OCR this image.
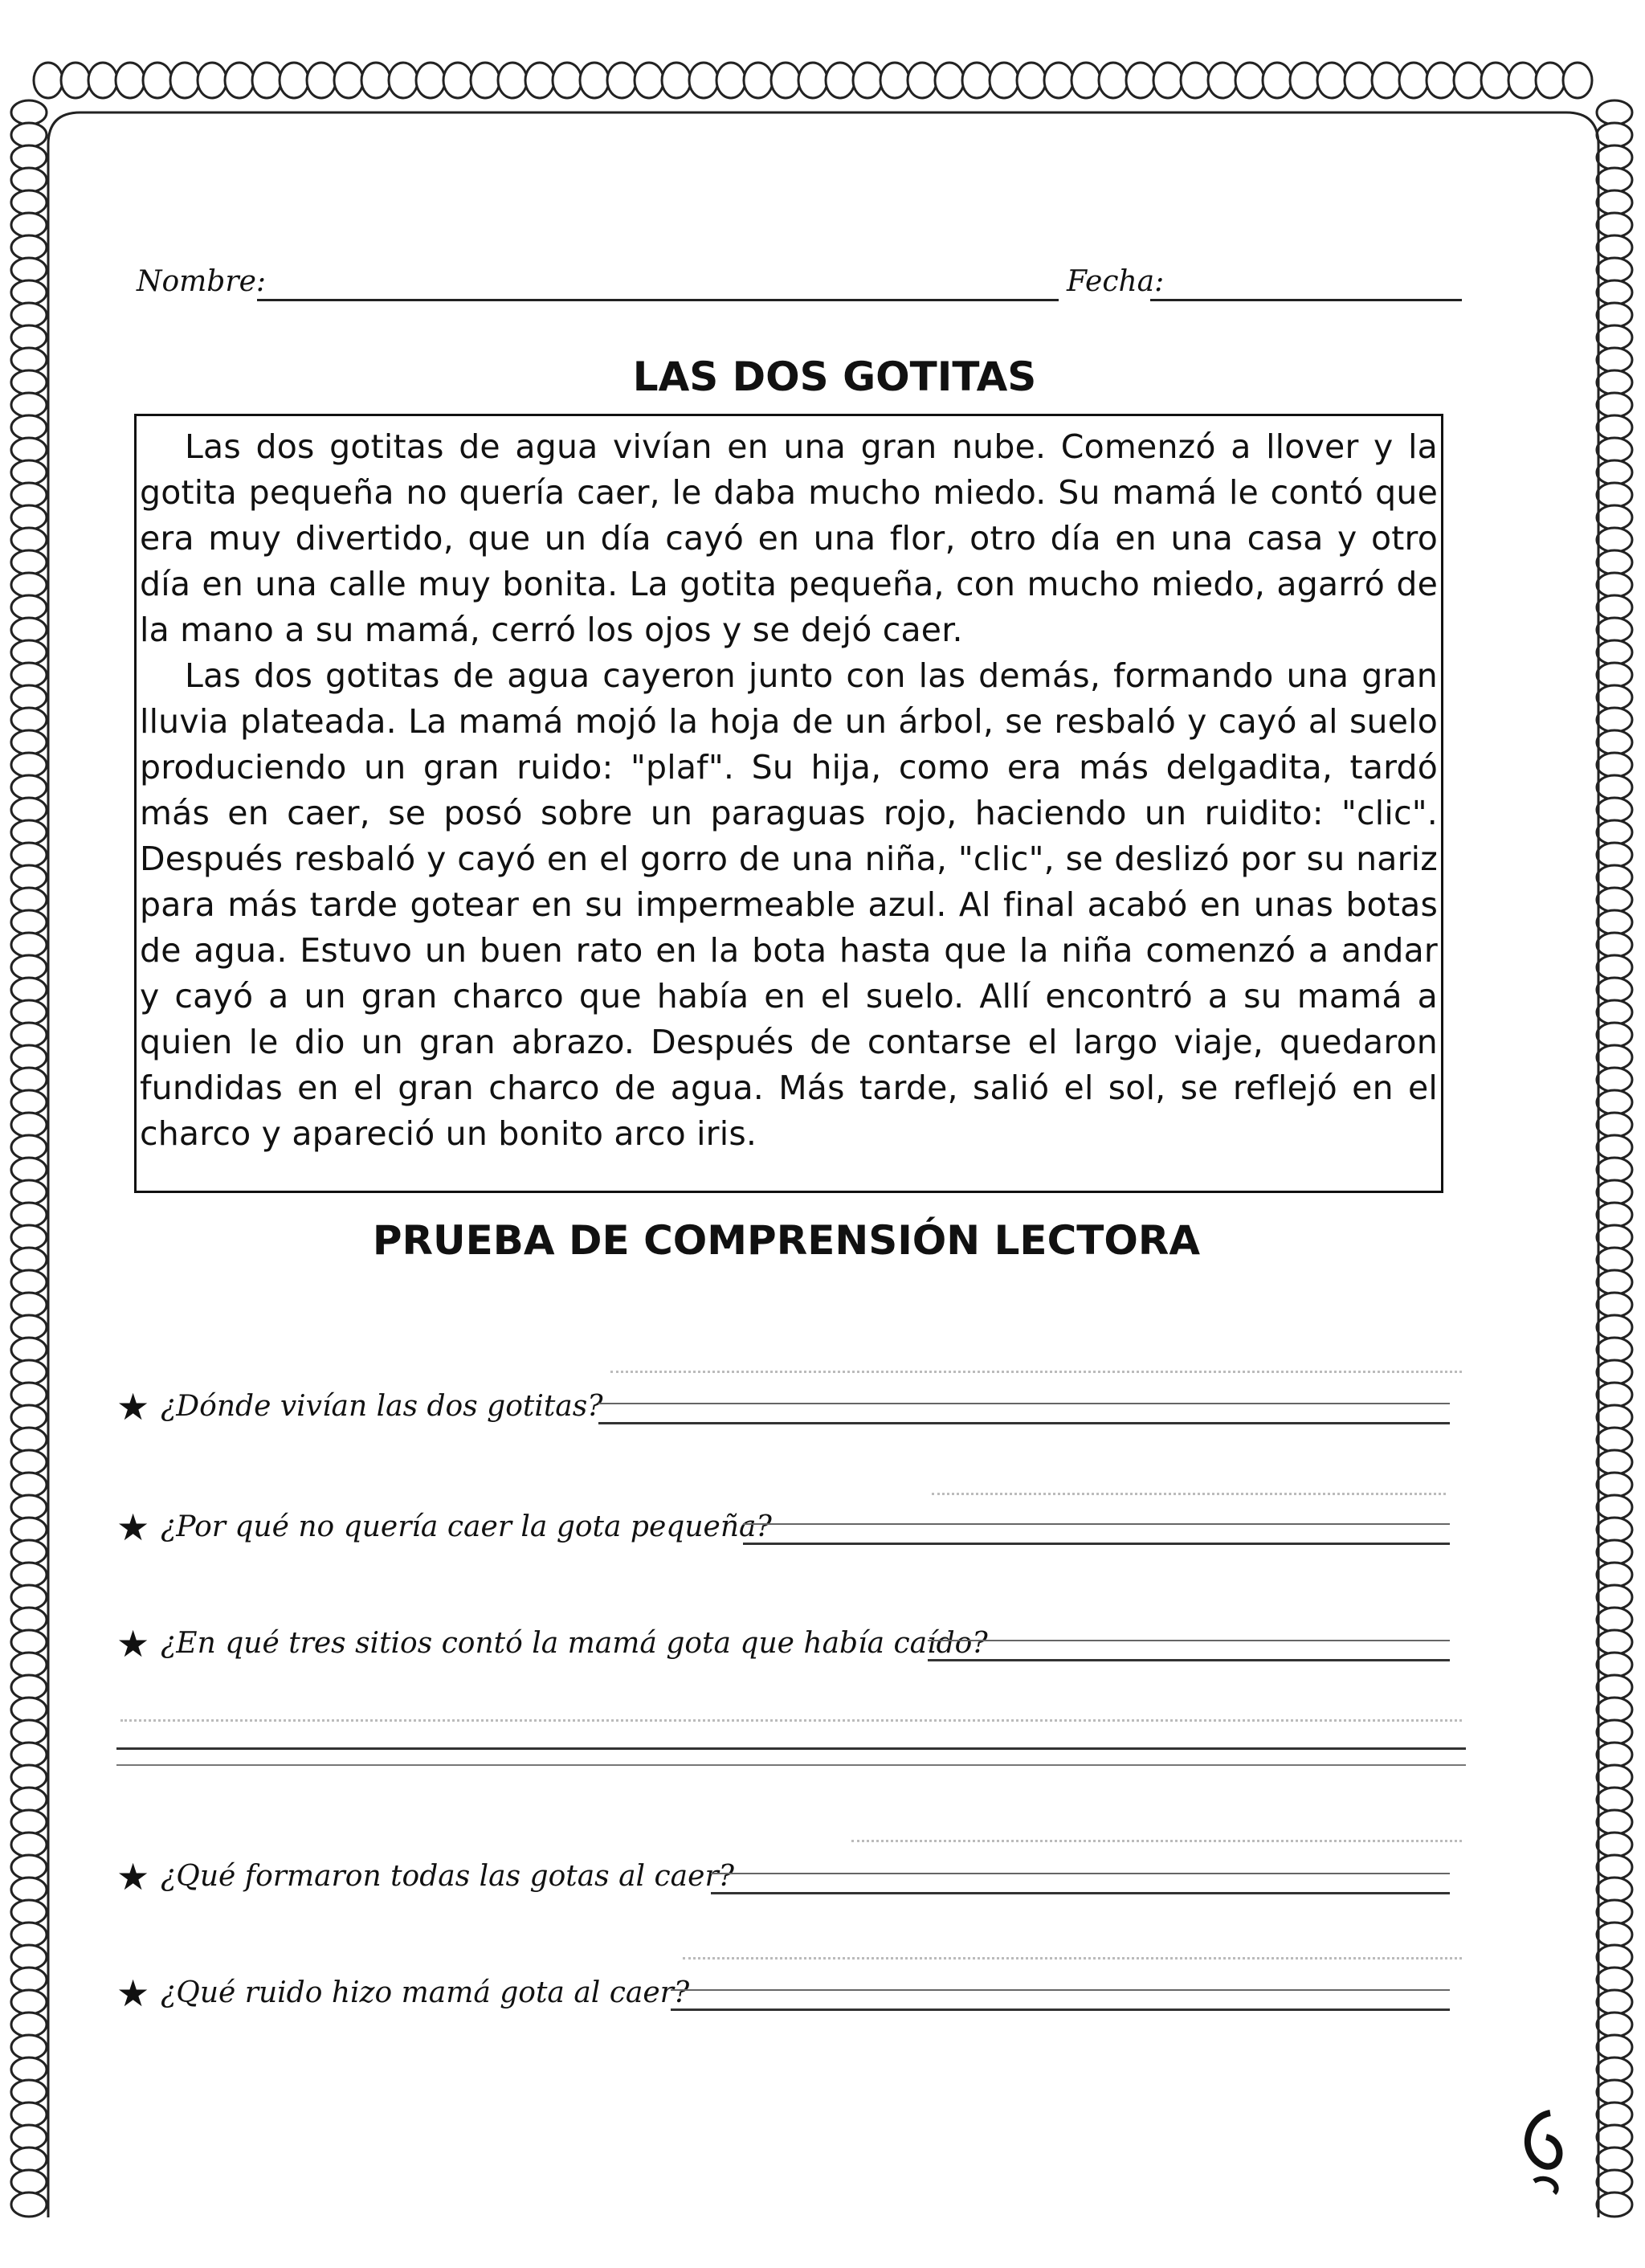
Nombre:	Fecha:
LAS DOS GOTITAS

Las dos gotitas de agua vivían en una gran nube. Comenzó a llover y la gotita pequeña no quería caer, le daba mucho miedo. Su mamá le contó que era muy divertido, que un día cayó en una flor, otro día en una casa y otro día en una calle muy bonita. La gotita pequeña, con mucho miedo, agarró de la mano a su mamá, cerró los ojos y se dejó caer.

Las dos gotitas de agua cayeron junto con las demás, formando una gran lluvia plateada. La mamá mojó la hoja de un árbol, se resbaló y cayó al suelo produciendo un gran ruido: "plaf". Su hija, como era más delgadita, tardó más en caer, se posó sobre un paraguas rojo, haciendo un ruidito: "clic". Después resbaló y cayó en el gorro de una niña, "clic", se deslizó por su nariz para más tarde gotear en su impermeable azul. Al final acabó en unas botas de agua. Estuvo un buen rato en la bota hasta que la niña comenzó a andar y cayó a un gran charco que había en el suelo. Allí encontró a su mamá a quien le dio un gran abrazo. Después de contarse el largo viaje, quedaron fundidas en el gran charco de agua. Más tarde, salió el sol, se reflejó en el charco y apareció un bonito arco iris.

PRUEBA DE COMPRENSIÓN LECTORA
★ ¿Dónde vivían las dos gotitas?
★ ¿Por qué no quería caer la gota pequeña?
★ ¿En qué tres sitios contó la mamá gota que había caído?
★ ¿Qué formaron todas las gotas al caer?
★ ¿Qué ruido hizo mamá gota al caer?
